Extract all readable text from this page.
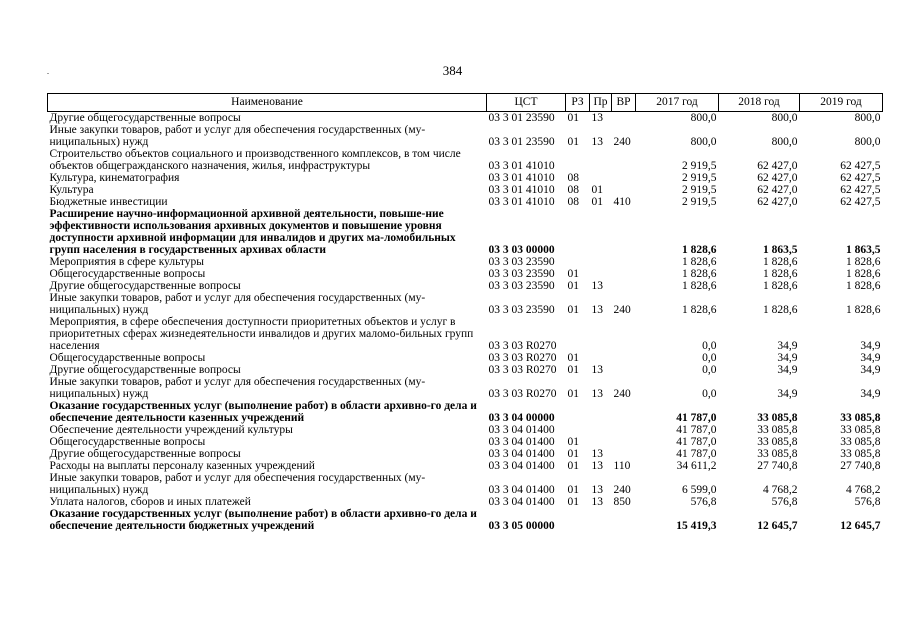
384
.
Наименование	ЦСТ	РЗ	Пр	ВР	2017 год	2018 год	2019 год
Другие общегосударственные вопросы	03 3 01 23590	01	13		800,0	800,0	800,0
Иные закупки товаров, работ и услуг для обеспечения государственных (му-ниципальных) нужд	03 3 01 23590	01	13	240	800,0	800,0	800,0
Строительство объектов социального и производственного комплексов, в том числе объектов общегражданского назначения, жилья, инфраструктуры	03 3 01 41010				2 919,5	62 427,0	62 427,5
Культура, кинематография	03 3 01 41010	08			2 919,5	62 427,0	62 427,5
Культура	03 3 01 41010	08	01		2 919,5	62 427,0	62 427,5
Бюджетные инвестиции	03 3 01 41010	08	01	410	2 919,5	62 427,0	62 427,5
Расширение научно-информационной архивной деятельности, повыше-ние эффективности использования архивных документов и повышение уровня доступности архивной информации для инвалидов и других ма-ломобильных групп населения в государственных архивах области	03 3 03 00000				1 828,6	1 863,5	1 863,5
Мероприятия в сфере культуры	03 3 03 23590				1 828,6	1 828,6	1 828,6
Общегосударственные вопросы	03 3 03 23590	01			1 828,6	1 828,6	1 828,6
Другие общегосударственные вопросы	03 3 03 23590	01	13		1 828,6	1 828,6	1 828,6
Иные закупки товаров, работ и услуг для обеспечения государственных (му-ниципальных) нужд	03 3 03 23590	01	13	240	1 828,6	1 828,6	1 828,6
Мероприятия, в сфере обеспечения доступности приоритетных объектов и услуг в приоритетных сферах жизнедеятельности инвалидов и других маломо-бильных групп населения	03 3 03 R0270				0,0	34,9	34,9
Общегосударственные вопросы	03 3 03 R0270	01			0,0	34,9	34,9
Другие общегосударственные вопросы	03 3 03 R0270	01	13		0,0	34,9	34,9
Иные закупки товаров, работ и услуг для обеспечения государственных (му-ниципальных) нужд	03 3 03 R0270	01	13	240	0,0	34,9	34,9
Оказание государственных услуг (выполнение работ) в области архивно-го дела и обеспечение деятельности казенных учреждений	03 3 04 00000				41 787,0	33 085,8	33 085,8
Обеспечение деятельности учреждений культуры	03 3 04 01400				41 787,0	33 085,8	33 085,8
Общегосударственные вопросы	03 3 04 01400	01			41 787,0	33 085,8	33 085,8
Другие общегосударственные вопросы	03 3 04 01400	01	13		41 787,0	33 085,8	33 085,8
Расходы на выплаты персоналу казенных учреждений	03 3 04 01400	01	13	110	34 611,2	27 740,8	27 740,8
Иные закупки товаров, работ и услуг для обеспечения государственных (му-ниципальных) нужд	03 3 04 01400	01	13	240	6 599,0	4 768,2	4 768,2
Уплата налогов, сборов и иных платежей	03 3 04 01400	01	13	850	576,8	576,8	576,8
Оказание государственных услуг (выполнение работ) в области архивно-го дела и обеспечение деятельности бюджетных учреждений	03 3 05 00000				15 419,3	12 645,7	12 645,7
